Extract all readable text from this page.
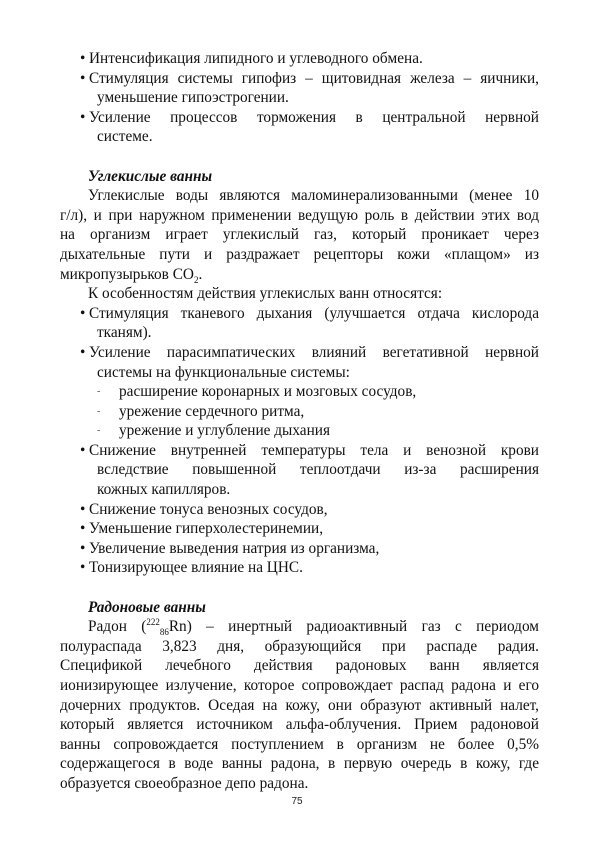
• Интенсификация липидного и углеводного обмена.
• Стимуляция системы гипофиз – щитовидная железа – яичники,
уменьшение гипоэстрогении.
• Усиление процессов торможения в центральной нервной
системе.

Углекислые ванны

Углекислые воды являются маломинерализованными (менее 10
г/л), и при наружном применении ведущую роль в действии этих вод
на организм играет углекислый газ, который проникает через
дыхательные пути и раздражает рецепторы кожи «плащом» из
микропузырьков $CO_2$.

К особенностям действия углекислых ванн относятся:

• Стимуляция тканевого дыхания (улучшается отдача кислорода
тканям).
• Усиление парасимпатических влияний вегетативной нервной
системы на функциональные системы:
-	расширение коронарных и мозговых сосудов,
-	урежение сердечного ритма,
-	урежение и углубление дыхания
• Снижение внутренней температуры тела и венозной крови
вследствие повышенной теплоотдачи из-за расширения
кожных капилляров.
• Снижение тонуса венозных сосудов,
• Уменьшение гиперхолестеринемии,
• Увеличение выведения натрия из организма,
• Тонизирующее влияние на ЦНС.

Радоновые ванны

Радон ($^{222}_{86}$Rn) – инертный радиоактивный газ с периодом
полураспада 3,823 дня, образующийся при распаде радия.
Спецификой лечебного действия радоновых ванн является
ионизирующее излучение, которое сопровождает распад радона и его
дочерних продуктов. Оседая на кожу, они образуют активный налет,
который является источником альфа-облучения. Прием радоновой
ванны сопровождается поступлением в организм не более 0,5%
содержащегося в воде ванны радона, в первую очередь в кожу, где
образуется своеобразное депо радона.
75
